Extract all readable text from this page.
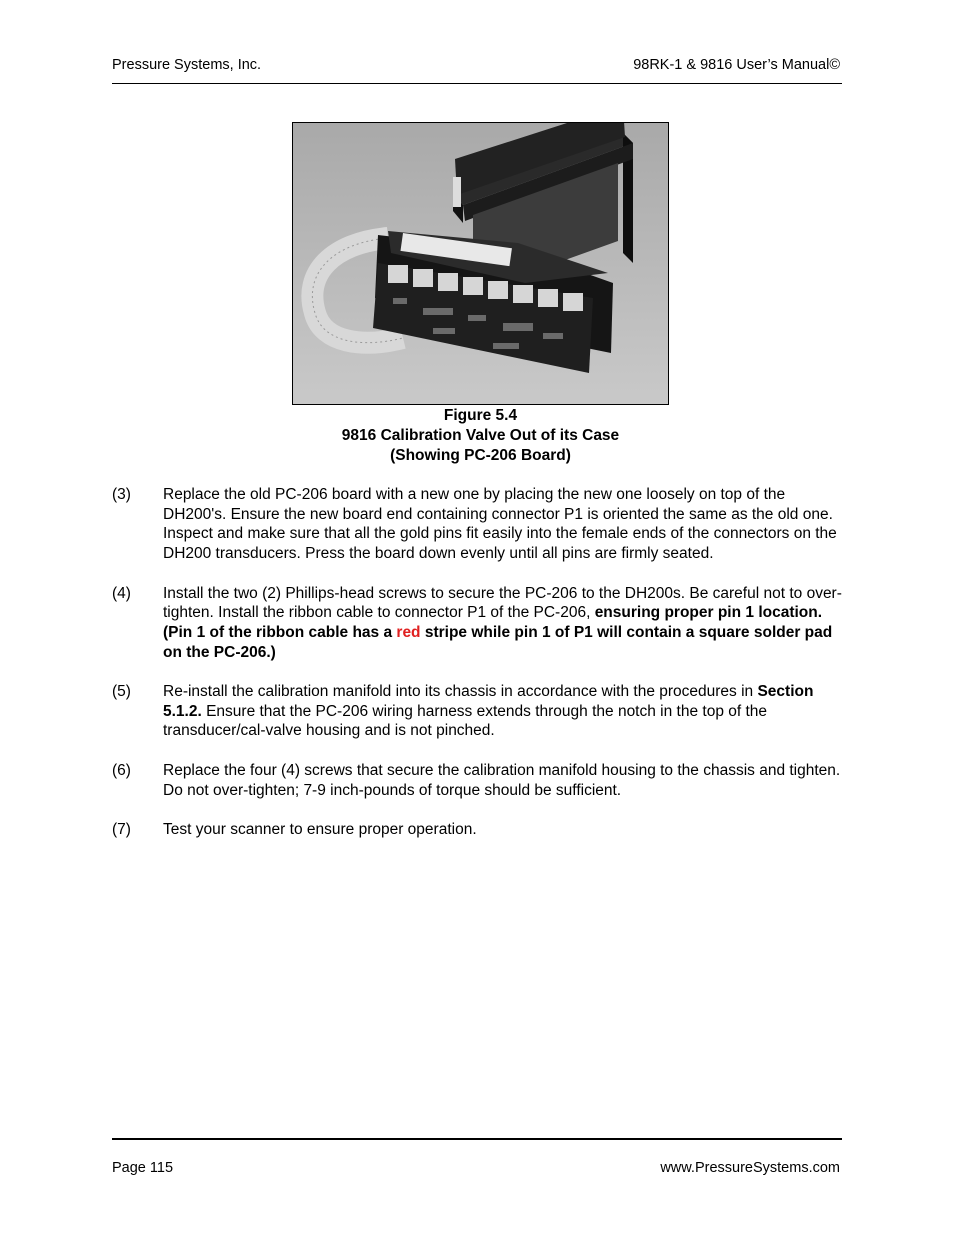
Pressure Systems, Inc.	98RK-1 & 9816 User’s Manual©
Figure 5.4
9816 Calibration Valve Out of its Case
(Showing PC-206 Board)
(3) Replace the old PC-206 board with a new one by placing the new one loosely on top of the DH200's. Ensure the new board end containing connector P1 is oriented the same as the old one. Inspect and make sure that all the gold pins fit easily into the female ends of the connectors on the DH200 transducers. Press the board down evenly until all pins are firmly seated.
(4) Install the two (2) Phillips-head screws to secure the PC-206 to the DH200s. Be careful not to over-tighten. Install the ribbon cable to connector P1 of the PC-206, ensuring proper pin 1 location. (Pin 1 of the ribbon cable has a red stripe while pin 1 of P1 will contain a square solder pad on the PC-206.)
(5) Re-install the calibration manifold into its chassis in accordance with the procedures in Section 5.1.2. Ensure that the PC-206 wiring harness extends through the notch in the top of the transducer/cal-valve housing and is not pinched.
(6) Replace the four (4) screws that secure the calibration manifold housing to the chassis and tighten. Do not over-tighten; 7-9 inch-pounds of torque should be sufficient.
(7) Test your scanner to ensure proper operation.
Page 115	www.PressureSystems.com
